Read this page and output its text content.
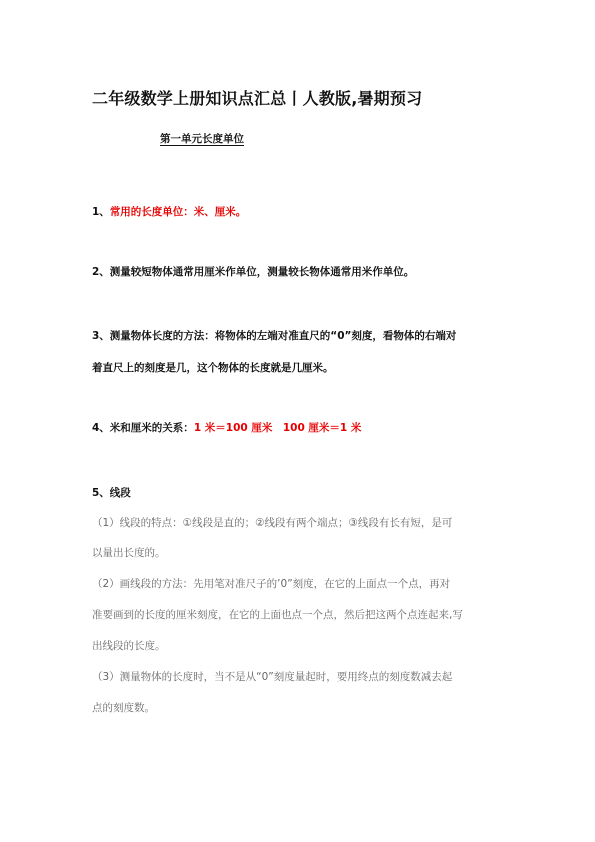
二年级数学上册知识点汇总丨人教版,暑期预习
第一单元长度单位
1、常用的长度单位：米、厘米。
2、测量较短物体通常用厘米作单位，测量较长物体通常用米作单位。
3、测量物体长度的方法：将物体的左端对准直尺的“0”刻度，看物体的右端对
着直尺上的刻度是几，这个物体的长度就是几厘米。
4、米和厘米的关系：1 米＝100 厘米　100 厘米＝1 米
5、线段
（1）线段的特点：①线段是直的；②线段有两个端点；③线段有长有短，是可
以量出长度的。
（2）画线段的方法：先用笔对准尺子的’0”刻度，在它的上面点一个点，再对
准要画到的长度的厘米刻度，在它的上面也点一个点，然后把这两个点连起来,写
出线段的长度。
（3）测量物体的长度时，当不是从“0”刻度量起时，要用终点的刻度数减去起
点的刻度数。
